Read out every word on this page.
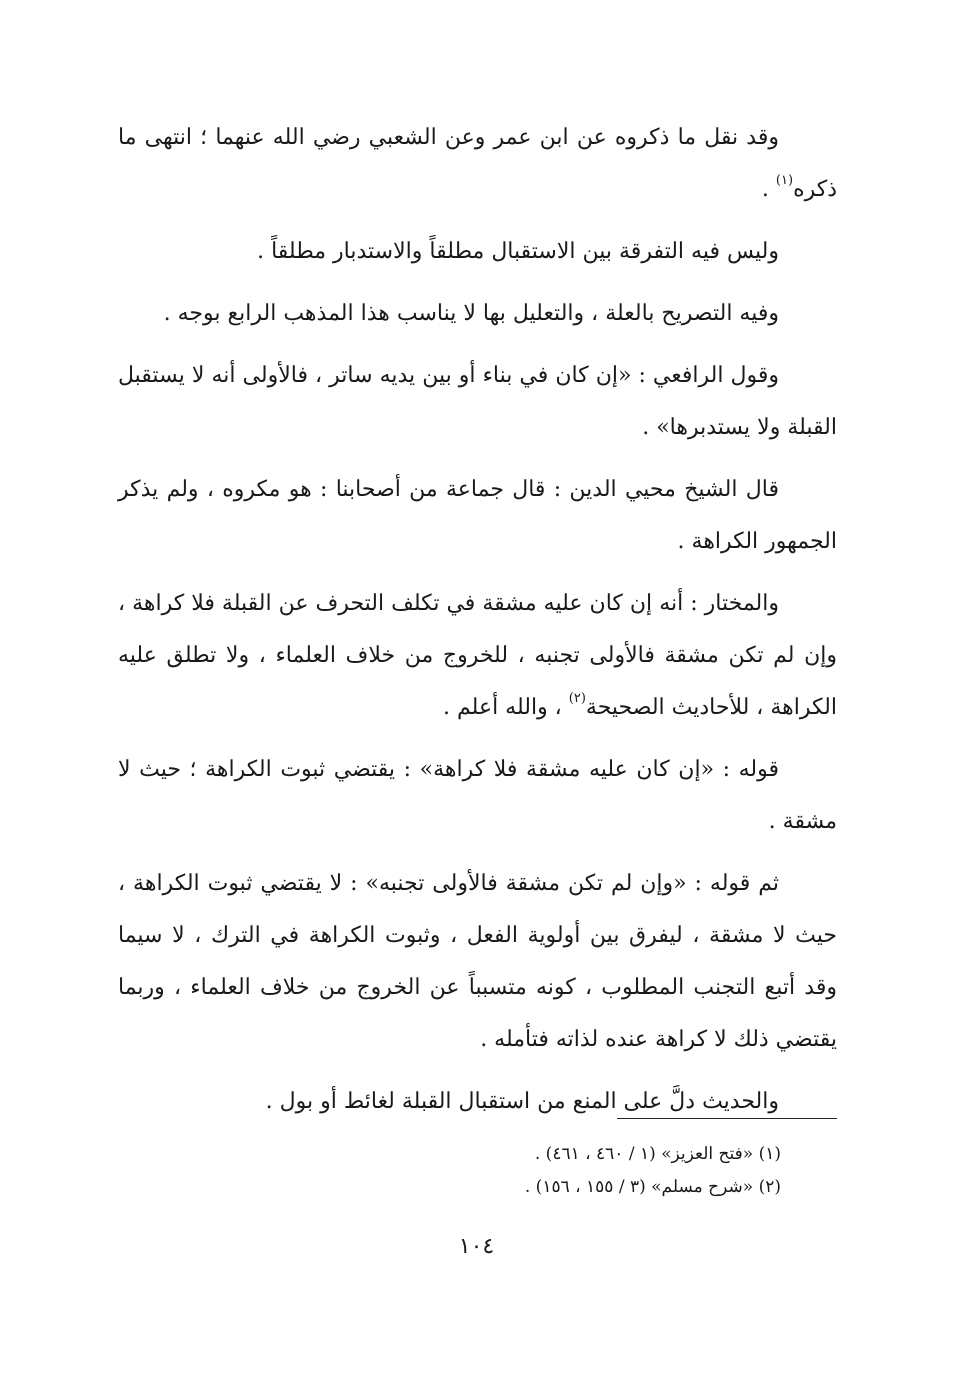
وقد نقل ما ذكروه عن ابن عمر وعن الشعبي رضي الله عنهما ؛ انتهى ما ذكره$^{(١)}$ .

وليس فيه التفرقة بين الاستقبال مطلقاً والاستدبار مطلقاً .

وفيه التصريح بالعلة ، والتعليل بها لا يناسب هذا المذهب الرابع بوجه .

وقول الرافعي : «إن كان في بناء أو بين يديه ساتر ، فالأولى أنه لا يستقبل القبلة ولا يستدبرها» .

قال الشيخ محيي الدين : قال جماعة من أصحابنا : هو مكروه ، ولم يذكر الجمهور الكراهة .

والمختار : أنه إن كان عليه مشقة في تكلف التحرف عن القبلة فلا كراهة ، وإن لم تكن مشقة فالأولى تجنبه ، للخروج من خلاف العلماء ، ولا تطلق عليه الكراهة ، للأحاديث الصحيحة$^{(٢)}$ ، والله أعلم .

قوله : «إن كان عليه مشقة فلا كراهة» : يقتضي ثبوت الكراهة ؛ حيث لا مشقة .

ثم قوله : «وإن لم تكن مشقة فالأولى تجنبه» : لا يقتضي ثبوت الكراهة ، حيث لا مشقة ، ليفرق بين أولوية الفعل ، وثبوت الكراهة في الترك ، لا سيما وقد أتبع التجنب المطلوب ، كونه متسبباً عن الخروج من خلاف العلماء ، وربما يقتضي ذلك لا كراهة عنده لذاته فتأمله .

والحديث دلَّ على المنع من استقبال القبلة لغائط أو بول .

(١) «فتح العزيز» (١ / ٤٦٠ ، ٤٦١) .
(٢) «شرح مسلم» (٣ / ١٥٥ ، ١٥٦) .
١٠٤
